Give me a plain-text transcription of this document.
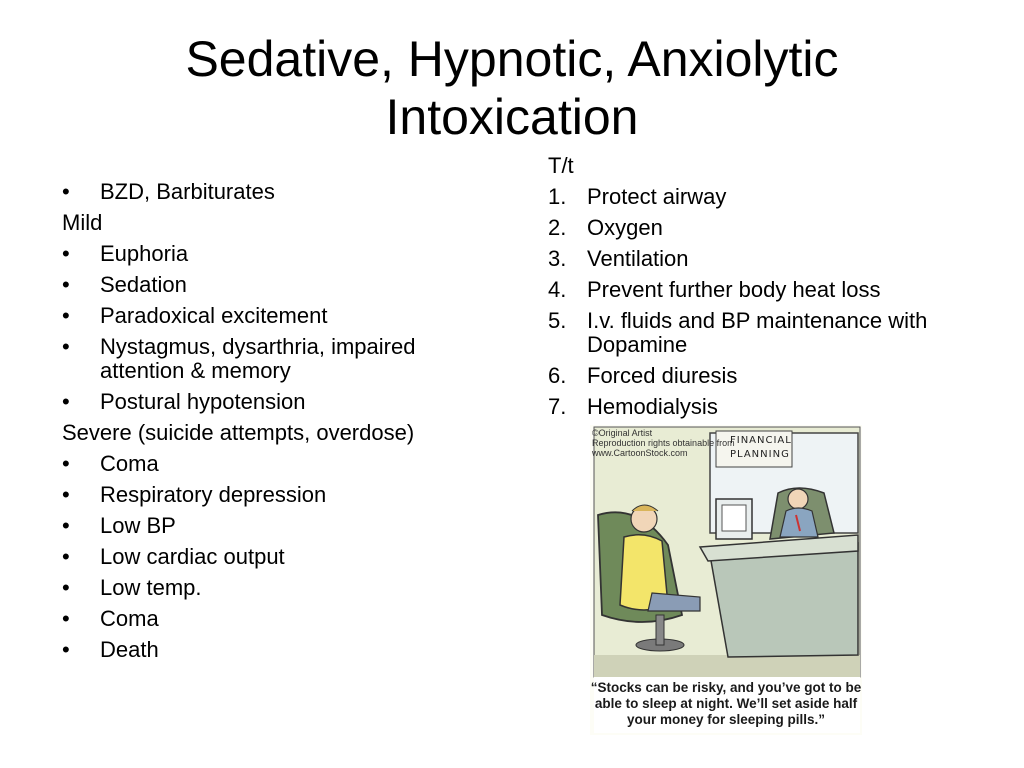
Sedative, Hypnotic, Anxiolytic
Intoxication
• BZD, Barbiturates
Mild
• Euphoria
• Sedation
• Paradoxical excitement
• Nystagmus, dysarthria, impaired attention & memory
• Postural hypotension
Severe (suicide attempts, overdose)
• Coma
• Respiratory depression
• Low BP
• Low cardiac output
• Low temp.
• Coma
• Death
T/t
1. Protect airway
2. Oxygen
3. Ventilation
4. Prevent further body heat loss
5. I.v. fluids and BP maintenance with Dopamine
6. Forced diuresis
7. Hemodialysis
©Original Artist
Reproduction rights obtainable from
www.CartoonStock.com
FINANCIAL
PLANNING
“Stocks can be risky, and you’ve got to be able to sleep at night. We’ll set aside half your money for sleeping pills.”
